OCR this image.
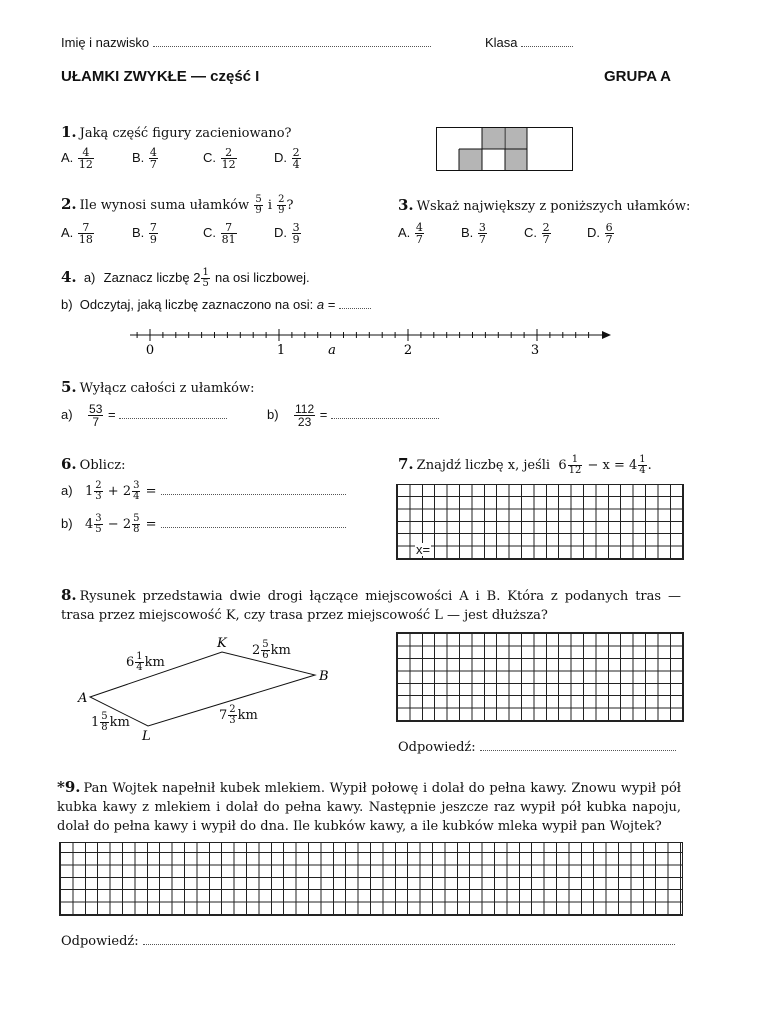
Imię i nazwisko	Klasa
UŁAMKI ZWYKŁE — część I	GRUPA A
1. Jaką część figury zacieniowano?
A. $\frac{4}{12}$	B. $\frac{4}{7}$	C. $\frac{2}{12}$	D. $\frac{2}{4}$
2. Ile wynosi suma ułamków $\frac{5}{9}$ i $\frac{2}{9}$ ?
A. $\frac{7}{18}$	B. $\frac{7}{9}$	C. $\frac{7}{81}$	D. $\frac{3}{9}$
3. Wskaż największy z poniższych ułamków:
A. $\frac{4}{7}$	B. $\frac{3}{7}$	C. $\frac{2}{7}$	D. $\frac{6}{7}$
4. a) Zaznacz liczbę $2 \frac{1}{5}$ na osi liczbowej.
b) Odczytaj, jaką liczbę zaznaczono na osi: a =
0	1	a	2	3
5. Wyłącz całości z ułamków:
$a) \frac{53}{7}$ =	$b) \frac{112}{23}$ =
6. Oblicz:
a) $1 \frac{2}{3} + 2 \frac{3}{4}$ =
b) $4 \frac{3}{5} - 2 \frac{5}{8}$ =
7. Znajdź liczbę x, jeśli $6 \frac{1}{12} - x = 4 \frac{1}{4}$ .
x=
8. Rysunek przedstawia dwie drogi łączące miejscowości A i B. Która z podanych tras — trasa przez miejscowość K, czy trasa przez miejscowość L — jest dłuższa?
A
K
B
L
$6 \frac{1}{4}$ km
$2 \frac{5}{6}$ km
$1 \frac{5}{8}$ km	$7 \frac{2}{3}$ km
Odpowiedź:
*9. Pan Wojtek napełnił kubek mlekiem. Wypił połowę i dolał do pełna kawy. Znowu wypił pół kubka kawy z mlekiem i dolał do pełna kawy. Następnie jeszcze raz wypił pół kubka napoju, dolał do pełna kawy i wypił do dna. Ile kubków kawy, a ile kubków mleka wypił pan Wojtek?
Odpowiedź:
